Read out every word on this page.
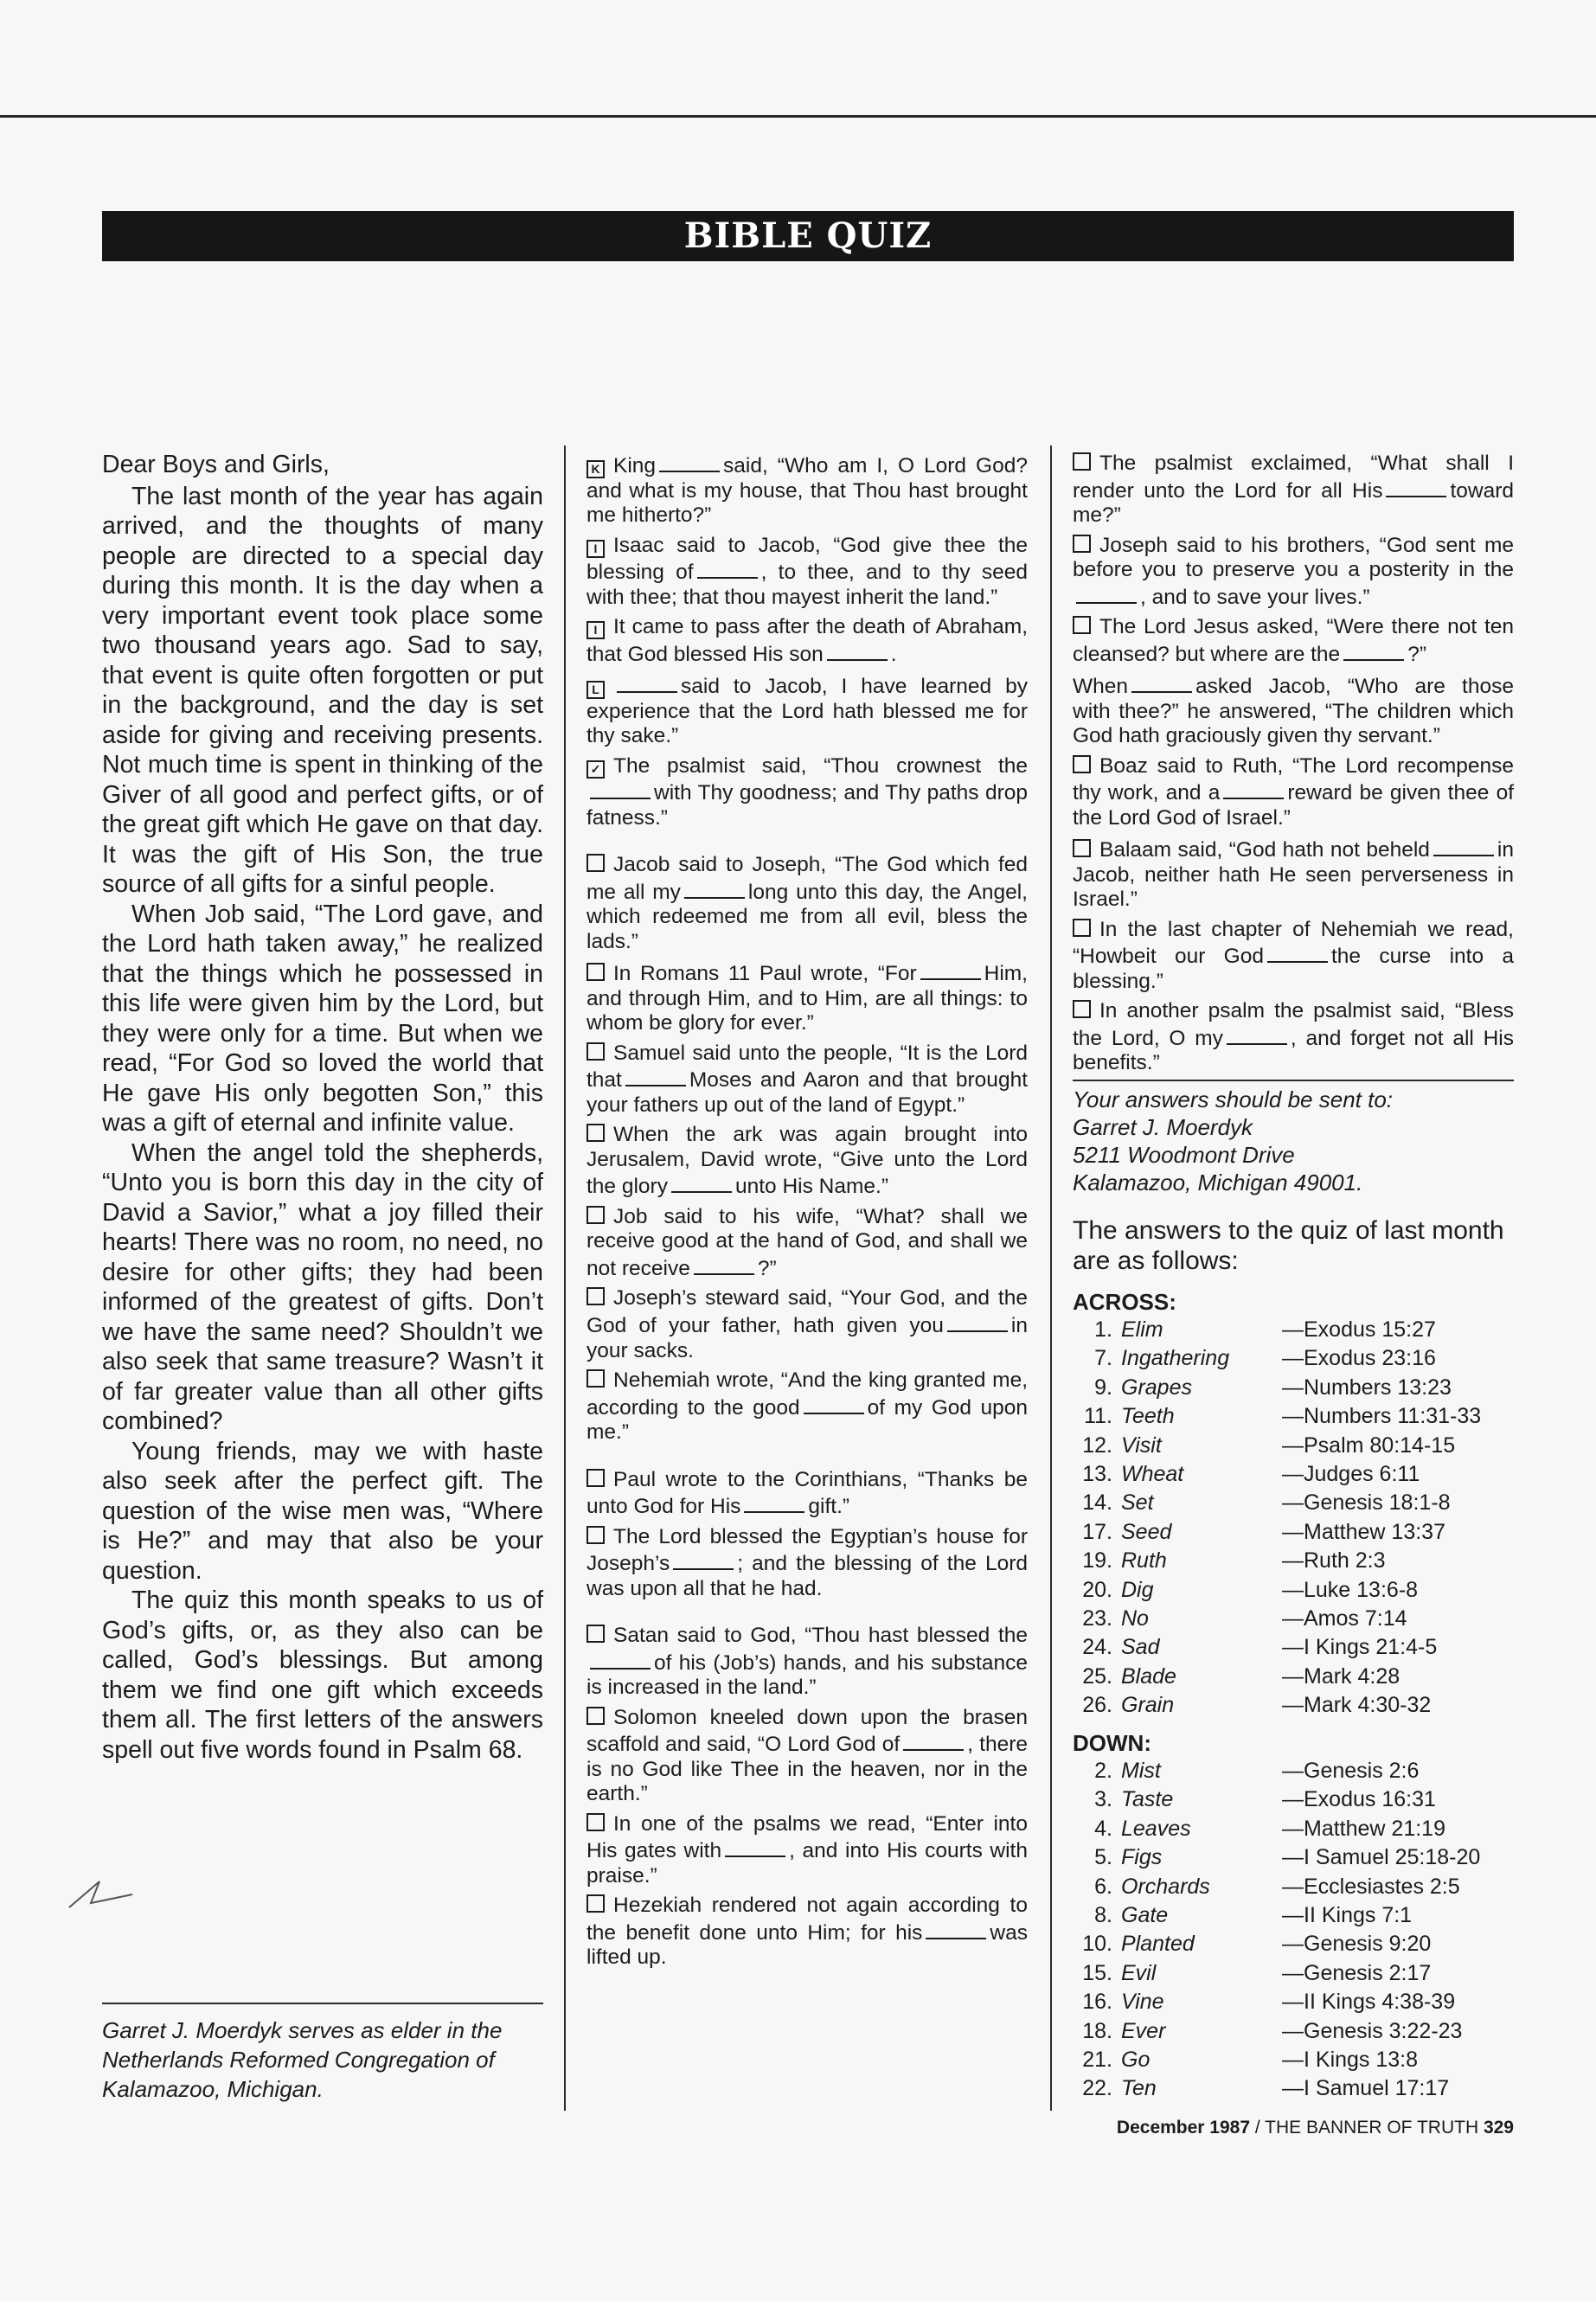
BIBLE QUIZ

Dear Boys and Girls,

The last month of the year has again arrived, and the thoughts of many people are directed to a special day during this month. It is the day when a very important event took place some two thousand years ago. Sad to say, that event is quite often forgotten or put in the background, and the day is set aside for giving and receiving presents. Not much time is spent in thinking of the Giver of all good and perfect gifts, or of the great gift which He gave on that day. It was the gift of His Son, the true source of all gifts for a sinful people.

When Job said, “The Lord gave, and the Lord hath taken away,” he realized that the things which he possessed in this life were given him by the Lord, but they were only for a time. But when we read, “For God so loved the world that He gave His only begotten Son,” this was a gift of eternal and infinite value.

When the angel told the shepherds, “Unto you is born this day in the city of David a Savior,” what a joy filled their hearts! There was no room, no need, no desire for other gifts; they had been informed of the greatest of gifts. Don’t we have the same need? Shouldn’t we also seek that same treasure? Wasn’t it of far greater value than all other gifts combined?

Young friends, may we with haste also seek after the perfect gift. The question of the wise men was, “Where is He?” and may that also be your question.

The quiz this month speaks to us of God’s gifts, or, as they also can be called, God’s blessings. But among them we find one gift which exceeds them all. The first letters of the answers spell out five words found in Psalm 68.

Garret J. Moerdyk serves as elder in the Netherlands Reformed Congregation of Kalamazoo, Michigan.

K King	said, “Who am I, O Lord God? and what is my house, that Thou hast brought me hitherto?”

I Isaac said to Jacob, “God give thee the blessing of	, to thee, and to thy seed with thee; that thou mayest inherit the land.”

I It came to pass after the death of Abraham, that God blessed His son	.

L	said to Jacob, I have learned by experience that the Lord hath blessed me for thy sake.”

✓ The psalmist said, “Thou crownest thewith Thy goodness; and Thy paths drop fatness.”

Jacob said to Joseph, “The God which fed me all my	long unto this day, the Angel, which redeemed me from all evil, bless the lads.”

In Romans 11 Paul wrote, “For	Him, and through Him, and to Him, are all things: to whom be glory for ever.”

Samuel said unto the people, “It is the Lord that	Moses and Aaron and that brought your fathers up out of the land of Egypt.”

When the ark was again brought into Jerusalem, David wrote, “Give unto the Lord the glory	unto His Name.”

Job said to his wife, “What? shall we receive good at the hand of God, and shall we not receive	?”

Joseph’s steward said, “Your God, and the God of your father, hath given you	in your sacks.

Nehemiah wrote, “And the king granted me, according to the good	of my God upon me.”

Paul wrote to the Corinthians, “Thanks be unto God for His	gift.”

The Lord blessed the Egyptian’s house for Joseph’s	; and the blessing of the Lord was upon all that he had.

Satan said to God, “Thou hast blessed theof his (Job’s) hands, and his substance is increased in the land.”

Solomon kneeled down upon the brasen scaffold and said, “O Lord God of	, there is no God like Thee in the heaven, nor in the earth.”

In one of the psalms we read, “Enter into His gates with	, and into His courts with praise.”

Hezekiah rendered not again according to the benefit done unto Him; for his	was lifted up.

The psalmist exclaimed, “What shall I render unto the Lord for all His	toward me?”

Joseph said to his brothers, “God sent me before you to preserve you a posterity in the, and to save your lives.”

The Lord Jesus asked, “Were there not ten cleansed? but where are the	?”

When	asked Jacob, “Who are those with thee?” he answered, “The children which God hath graciously given thy servant.”

Boaz said to Ruth, “The Lord recompense thy work, and a	reward be given thee of the Lord God of Israel.”

Balaam said, “God hath not beheld	in Jacob, neither hath He seen perverseness in Israel.”

In the last chapter of Nehemiah we read, “Howbeit our God	the curse into a blessing.”

In another psalm the psalmist said, “Bless the Lord, O my	, and forget not all His benefits.”

Your answers should be sent to:
Garret J. Moerdyk
5211 Woodmont Drive
Kalamazoo, Michigan 49001.
The answers to the quiz of last month are as follows:
ACROSS:
1. Elim	—Exodus 15:27
7. Ingathering	—Exodus 23:16
9. Grapes	—Numbers 13:23
11. Teeth	—Numbers 11:31-33
12. Visit	—Psalm 80:14-15
13. Wheat	—Judges 6:11
14. Set	—Genesis 18:1-8
17. Seed	—Matthew 13:37
19. Ruth	—Ruth 2:3
20. Dig	—Luke 13:6-8
23. No	—Amos 7:14
24. Sad	—I Kings 21:4-5
25. Blade	—Mark 4:28
26. Grain	—Mark 4:30-32
DOWN:
2. Mist	—Genesis 2:6
3. Taste	—Exodus 16:31
4. Leaves	—Matthew 21:19
5. Figs	—I Samuel 25:18-20
6. Orchards	—Ecclesiastes 2:5
8. Gate	—II Kings 7:1
10. Planted	—Genesis 9:20
15. Evil	—Genesis 2:17
16. Vine	—II Kings 4:38-39
18. Ever	—Genesis 3:22-23
21. Go	—I Kings 13:8
22. Ten	—I Samuel 17:17
December 1987 / THE BANNER OF TRUTH 329
